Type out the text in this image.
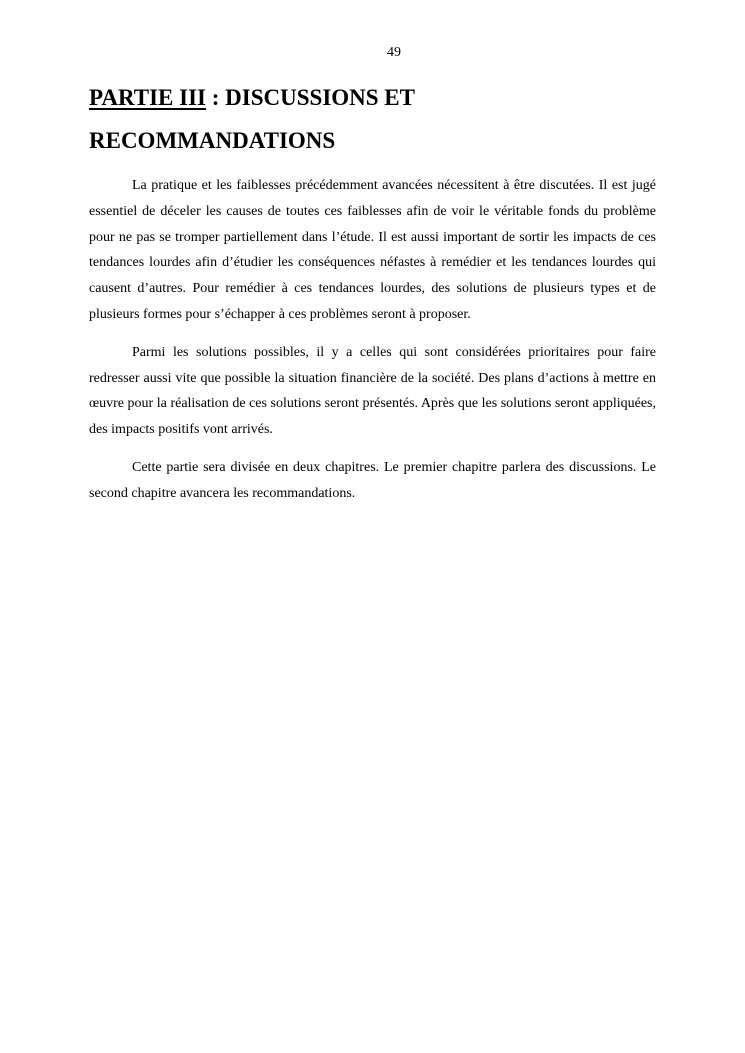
49
PARTIE III : DISCUSSIONS ET RECOMMANDATIONS

La pratique et les faiblesses précédemment avancées nécessitent à être discutées. Il est jugé essentiel de déceler les causes de toutes ces faiblesses afin de voir le véritable fonds du problème pour ne pas se tromper partiellement dans l’étude. Il est aussi important de sortir les impacts de ces tendances lourdes afin d’étudier les conséquences néfastes à remédier et les tendances lourdes qui causent d’autres. Pour remédier à ces tendances lourdes, des solutions de plusieurs types et de plusieurs formes pour s’échapper à ces problèmes seront à proposer.

Parmi les solutions possibles, il y a celles qui sont considérées prioritaires pour faire redresser aussi vite que possible la situation financière de la société. Des plans d’actions à mettre en œuvre pour la réalisation de ces solutions seront présentés. Après que les solutions seront appliquées, des impacts positifs vont arrivés.

Cette partie sera divisée en deux chapitres. Le premier chapitre parlera des discussions. Le second chapitre avancera les recommandations.
